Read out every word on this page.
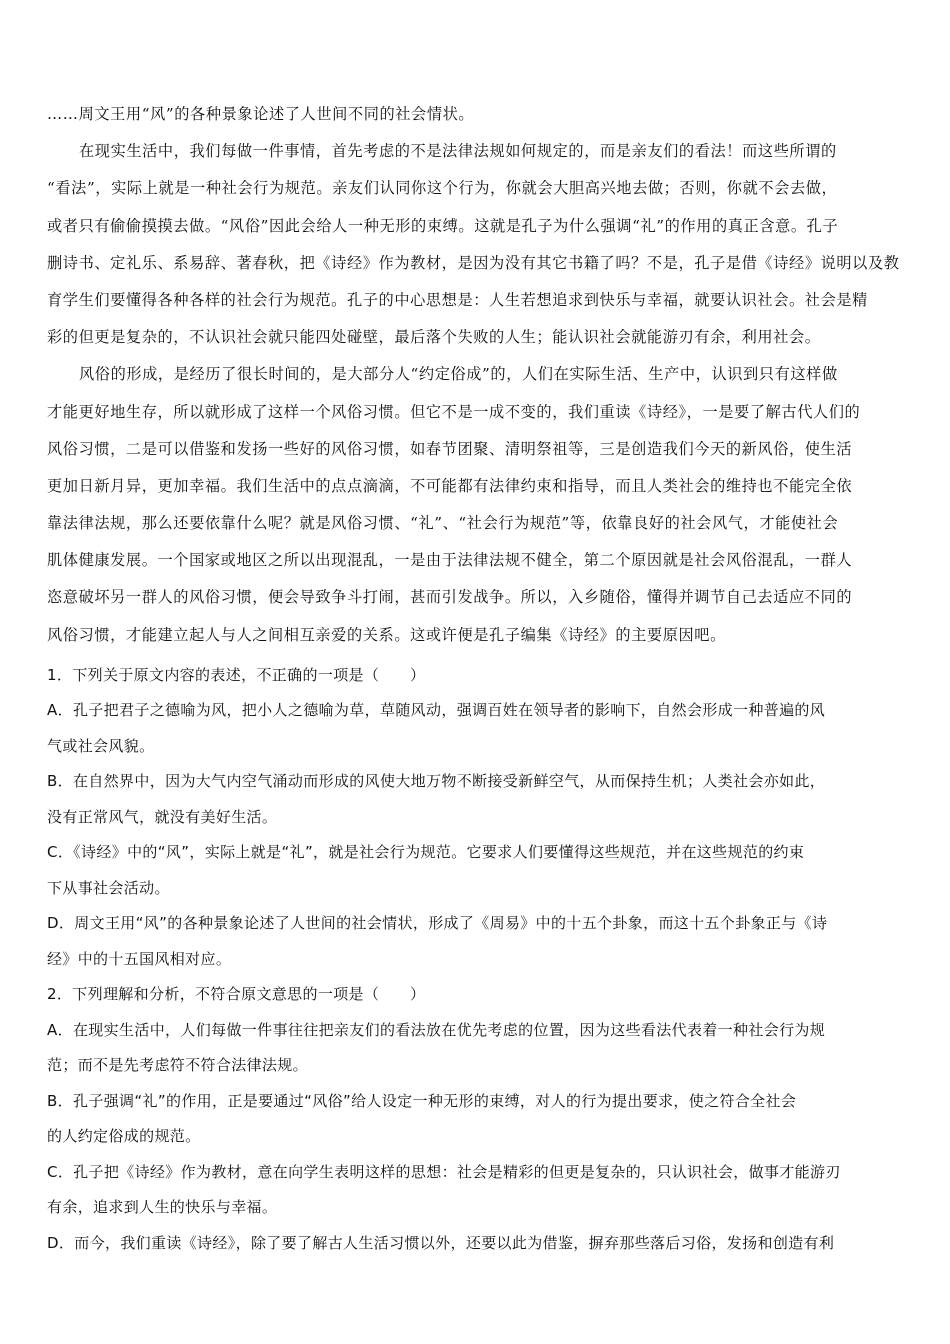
……周文王用“风”的各种景象论述了人世间不同的社会情状。
在现实生活中，我们每做一件事情，首先考虑的不是法律法规如何规定的，而是亲友们的看法！而这些所谓的
“看法”，实际上就是一种社会行为规范。亲友们认同你这个行为，你就会大胆高兴地去做；否则，你就不会去做，
或者只有偷偷摸摸去做。“风俗”因此会给人一种无形的束缚。这就是孔子为什么强调“礼”的作用的真正含意。孔子
删诗书、定礼乐、系易辞、著春秋，把《诗经》作为教材，是因为没有其它书籍了吗？不是，孔子是借《诗经》说明以及教
育学生们要懂得各种各样的社会行为规范。孔子的中心思想是：人生若想追求到快乐与幸福，就要认识社会。社会是精
彩的但更是复杂的，不认识社会就只能四处碰壁，最后落个失败的人生；能认识社会就能游刃有余，利用社会。
风俗的形成，是经历了很长时间的，是大部分人“约定俗成”的，人们在实际生活、生产中，认识到只有这样做
才能更好地生存，所以就形成了这样一个风俗习惯。但它不是一成不变的，我们重读《诗经》，一是要了解古代人们的
风俗习惯，二是可以借鉴和发扬一些好的风俗习惯，如春节团聚、清明祭祖等，三是创造我们今天的新风俗，使生活
更加日新月异，更加幸福。我们生活中的点点滴滴，不可能都有法律约束和指导，而且人类社会的维持也不能完全依
靠法律法规，那么还要依靠什么呢？就是风俗习惯、“礼”、“社会行为规范”等，依靠良好的社会风气，才能使社会
肌体健康发展。一个国家或地区之所以出现混乱，一是由于法律法规不健全，第二个原因就是社会风俗混乱，一群人
恣意破坏另一群人的风俗习惯，便会导致争斗打闹，甚而引发战争。所以，入乡随俗，懂得并调节自己去适应不同的
风俗习惯，才能建立起人与人之间相互亲爱的关系。这或许便是孔子编集《诗经》的主要原因吧。
1．下列关于原文内容的表述，不正确的一项是（　　）
A．孔子把君子之德喻为风，把小人之德喻为草，草随风动，强调百姓在领导者的影响下，自然会形成一种普遍的风
气或社会风貌。
B．在自然界中，因为大气内空气涌动而形成的风使大地万物不断接受新鲜空气，从而保持生机；人类社会亦如此，
没有正常风气，就没有美好生活。
C．《诗经》中的“风”，实际上就是“礼”，就是社会行为规范。它要求人们要懂得这些规范，并在这些规范的约束
下从事社会活动。
D．周文王用“风”的各种景象论述了人世间的社会情状，形成了《周易》中的十五个卦象，而这十五个卦象正与《诗
经》中的十五国风相对应。
2．下列理解和分析，不符合原文意思的一项是（　　）
A．在现实生活中，人们每做一件事往往把亲友们的看法放在优先考虑的位置，因为这些看法代表着一种社会行为规
范；而不是先考虑符不符合法律法规。
B．孔子强调“礼”的作用，正是要通过“风俗”给人设定一种无形的束缚，对人的行为提出要求，使之符合全社会
的人约定俗成的规范。
C．孔子把《诗经》作为教材，意在向学生表明这样的思想：社会是精彩的但更是复杂的，只认识社会，做事才能游刃
有余，追求到人生的快乐与幸福。
D．而今，我们重读《诗经》，除了要了解古人生活习惯以外，还要以此为借鉴，摒弃那些落后习俗，发扬和创造有利
